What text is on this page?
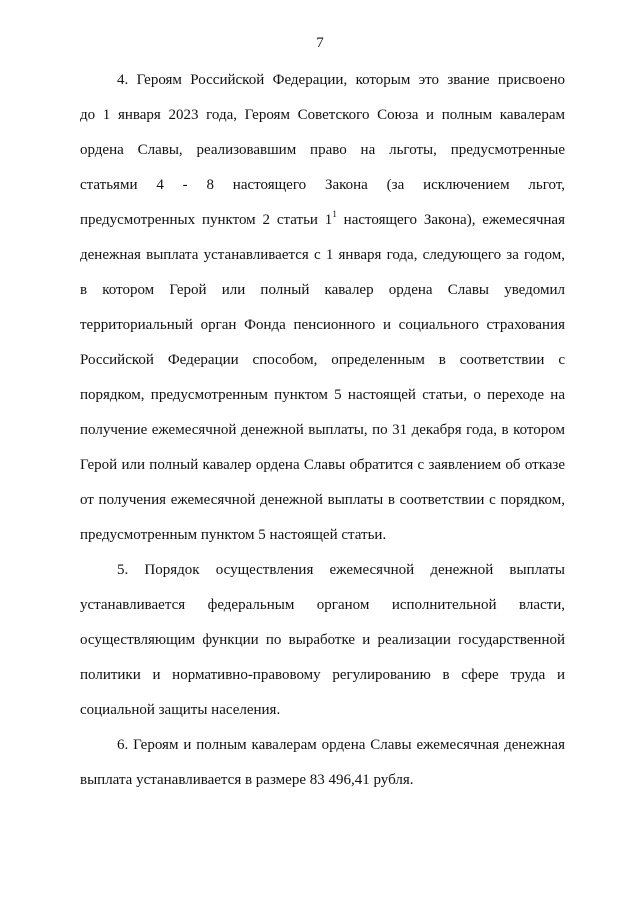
7
4. Героям Российской Федерации, которым это звание присвоено
до 1 января 2023 года, Героям Советского Союза и полным кавалерам
ордена Славы, реализовавшим право на льготы, предусмотренные
статьями 4 - 8 настоящего Закона (за исключением льгот,
предусмотренных пунктом 2 статьи $1^1$ настоящего Закона), ежемесячная
денежная выплата устанавливается с 1 января года, следующего за годом,
в котором Герой или полный кавалер ордена Славы уведомил
территориальный орган Фонда пенсионного и социального страхования
Российской Федерации способом, определенным в соответствии с
порядком, предусмотренным пунктом 5 настоящей статьи, о переходе на
получение ежемесячной денежной выплаты, по 31 декабря года, в котором
Герой или полный кавалер ордена Славы обратится с заявлением об отказе
от получения ежемесячной денежной выплаты в соответствии с порядком,
предусмотренным пунктом 5 настоящей статьи.
5. Порядок осуществления ежемесячной денежной выплаты
устанавливается федеральным органом исполнительной власти,
осуществляющим функции по выработке и реализации государственной
политики и нормативно-правовому регулированию в сфере труда и
социальной защиты населения.
6. Героям и полным кавалерам ордена Славы ежемесячная денежная
выплата устанавливается в размере 83 496,41 рубля.
